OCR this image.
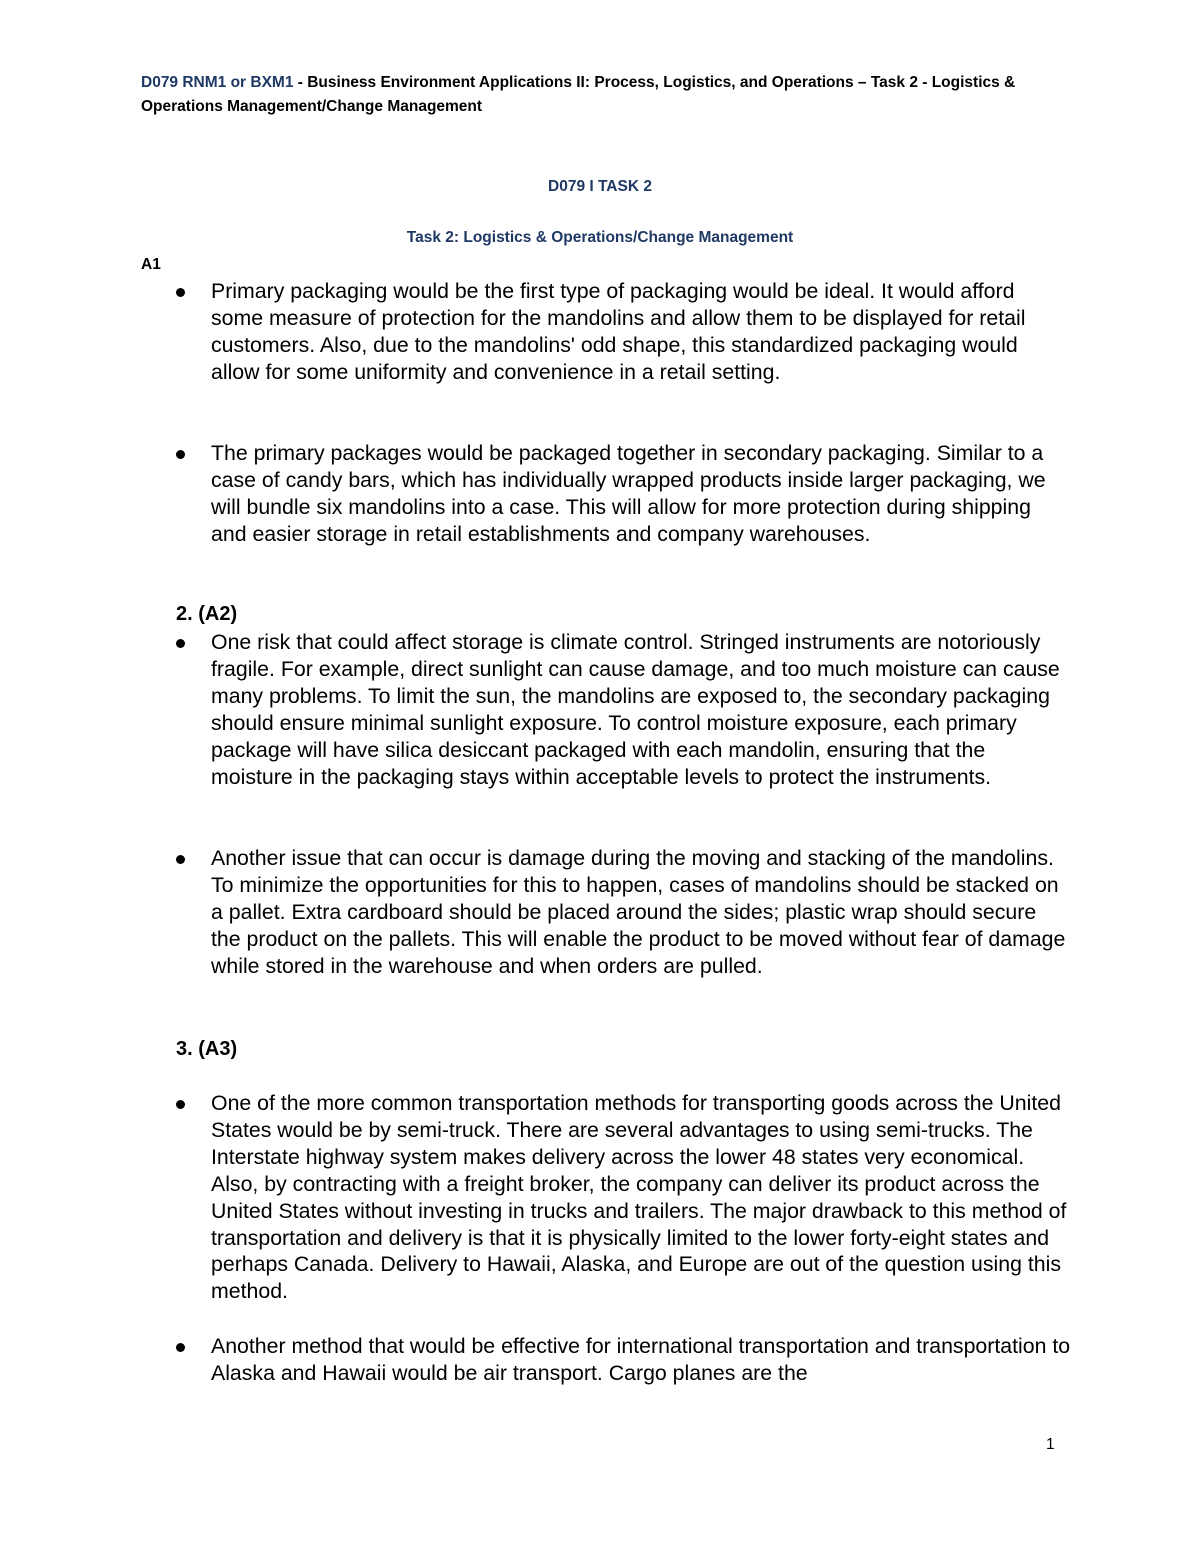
D079 RNM1 or BXM1 - Business Environment Applications II: Process, Logistics, and Operations – Task 2 - Logistics & Operations Management/Change Management
D079 I TASK 2
Task 2: Logistics & Operations/Change Management
A1
Primary packaging would be the first type of packaging would be ideal. It would afford some measure of protection for the mandolins and allow them to be displayed for retail customers. Also, due to the mandolins' odd shape, this standardized packaging would allow for some uniformity and convenience in a retail setting.
The primary packages would be packaged together in secondary packaging. Similar to a case of candy bars, which has individually wrapped products inside larger packaging, we will bundle six mandolins into a case. This will allow for more protection during shipping and easier storage in retail establishments and company warehouses.
2. (A2)
One risk that could affect storage is climate control. Stringed instruments are notoriously fragile. For example, direct sunlight can cause damage, and too much moisture can cause many problems. To limit the sun, the mandolins are exposed to, the secondary packaging should ensure minimal sunlight exposure. To control moisture exposure, each primary package will have silica desiccant packaged with each mandolin, ensuring that the moisture in the packaging stays within acceptable levels to protect the instruments.
Another issue that can occur is damage during the moving and stacking of the mandolins. To minimize the opportunities for this to happen, cases of mandolins should be stacked on a pallet. Extra cardboard should be placed around the sides; plastic wrap should secure the product on the pallets. This will enable the product to be moved without fear of damage while stored in the warehouse and when orders are pulled.
3. (A3)
One of the more common transportation methods for transporting goods across the United States would be by semi-truck. There are several advantages to using semi-trucks. The Interstate highway system makes delivery across the lower 48 states very economical. Also, by contracting with a freight broker, the company can deliver its product across the United States without investing in trucks and trailers. The major drawback to this method of transportation and delivery is that it is physically limited to the lower forty-eight states and perhaps Canada. Delivery to Hawaii, Alaska, and Europe are out of the question using this method.
Another method that would be effective for international transportation and transportation to Alaska and Hawaii would be air transport. Cargo planes are the
1
